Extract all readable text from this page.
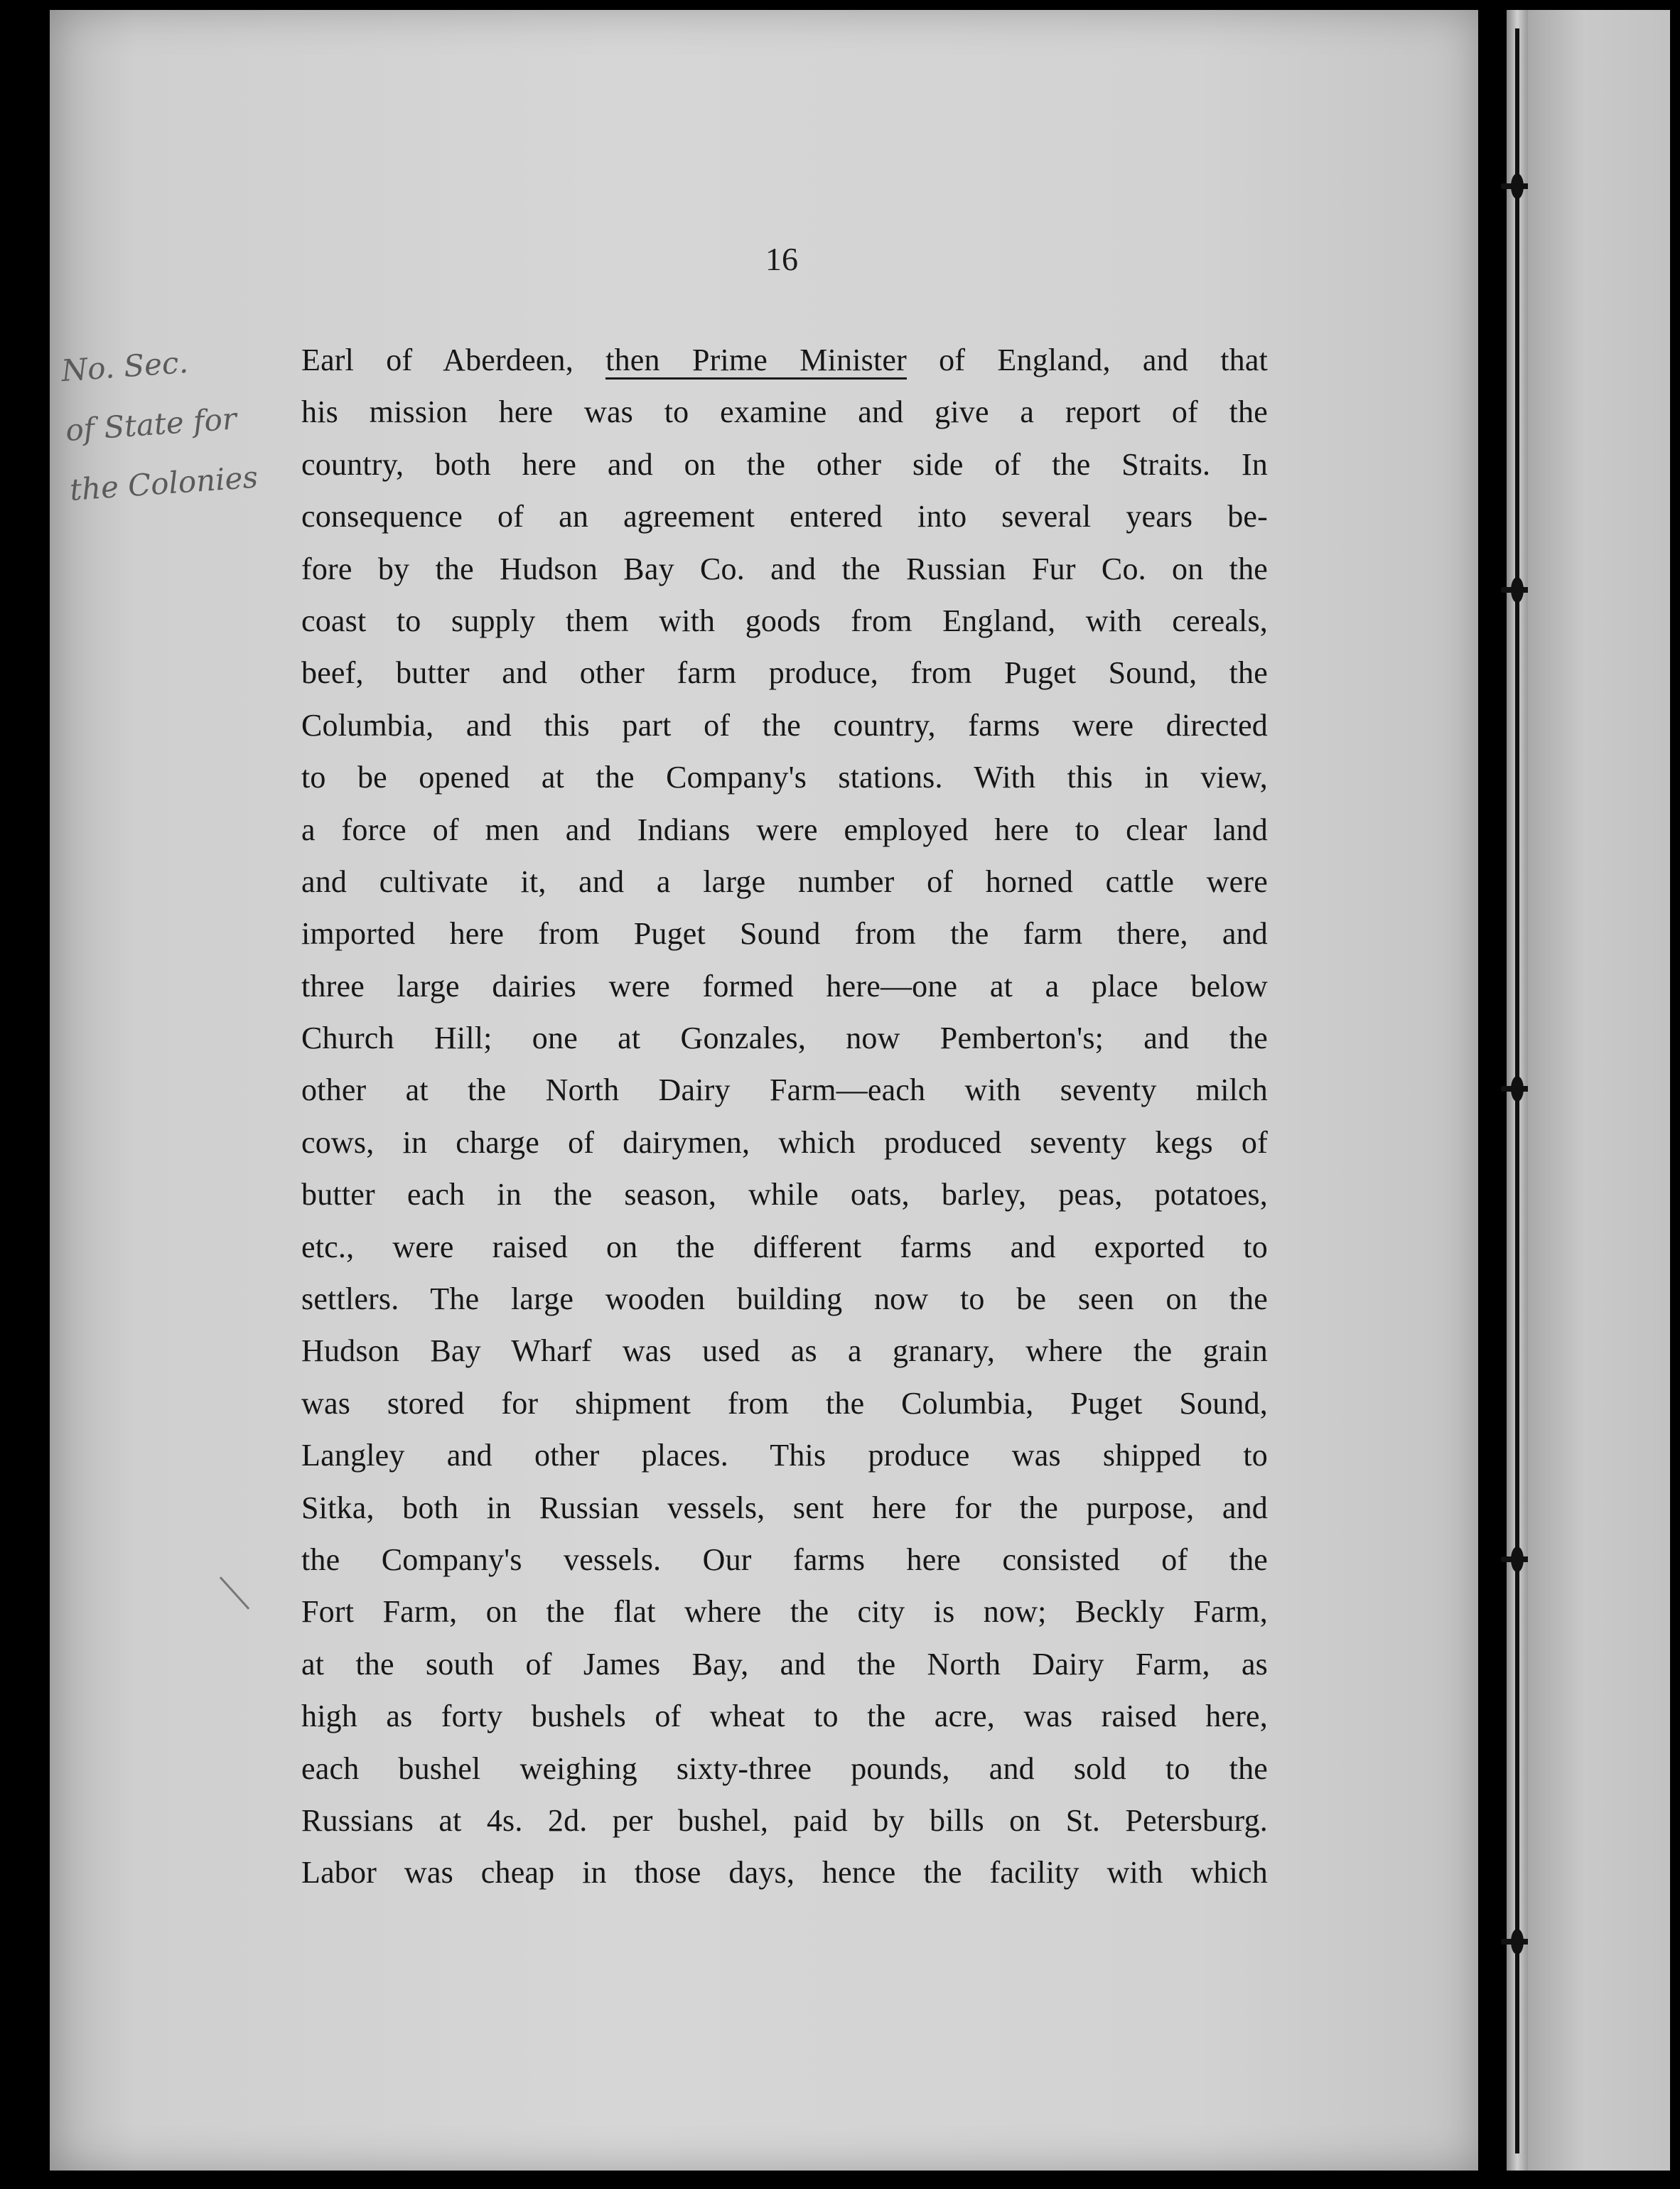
16
No. Sec.
of State for
the Colonies
Earl of Aberdeen, then Prime Minister of England, and that
his mission here was to examine and give a report of the
country, both here and on the other side of the Straits. In
consequence of an agreement entered into several years be-
fore by the Hudson Bay Co. and the Russian Fur Co. on the
coast to supply them with goods from England, with cereals,
beef, butter and other farm produce, from Puget Sound, the
Columbia, and this part of the country, farms were directed
to be opened at the Company's stations. With this in view,
a force of men and Indians were employed here to clear land
and cultivate it, and a large number of horned cattle were
imported here from Puget Sound from the farm there, and
three large dairies were formed here—one at a place below
Church Hill; one at Gonzales, now Pemberton's; and the
other at the North Dairy Farm—each with seventy milch
cows, in charge of dairymen, which produced seventy kegs of
butter each in the season, while oats, barley, peas, potatoes,
etc., were raised on the different farms and exported to
settlers. The large wooden building now to be seen on the
Hudson Bay Wharf was used as a granary, where the grain
was stored for shipment from the Columbia, Puget Sound,
Langley and other places. This produce was shipped to
Sitka, both in Russian vessels, sent here for the purpose, and
the Company's vessels. Our farms here consisted of the
Fort Farm, on the flat where the city is now; Beckly Farm,
at the south of James Bay, and the North Dairy Farm, as
high as forty bushels of wheat to the acre, was raised here,
each bushel weighing sixty-three pounds, and sold to the
Russians at 4s. 2d. per bushel, paid by bills on St. Petersburg.
Labor was cheap in those days, hence the facility with which
